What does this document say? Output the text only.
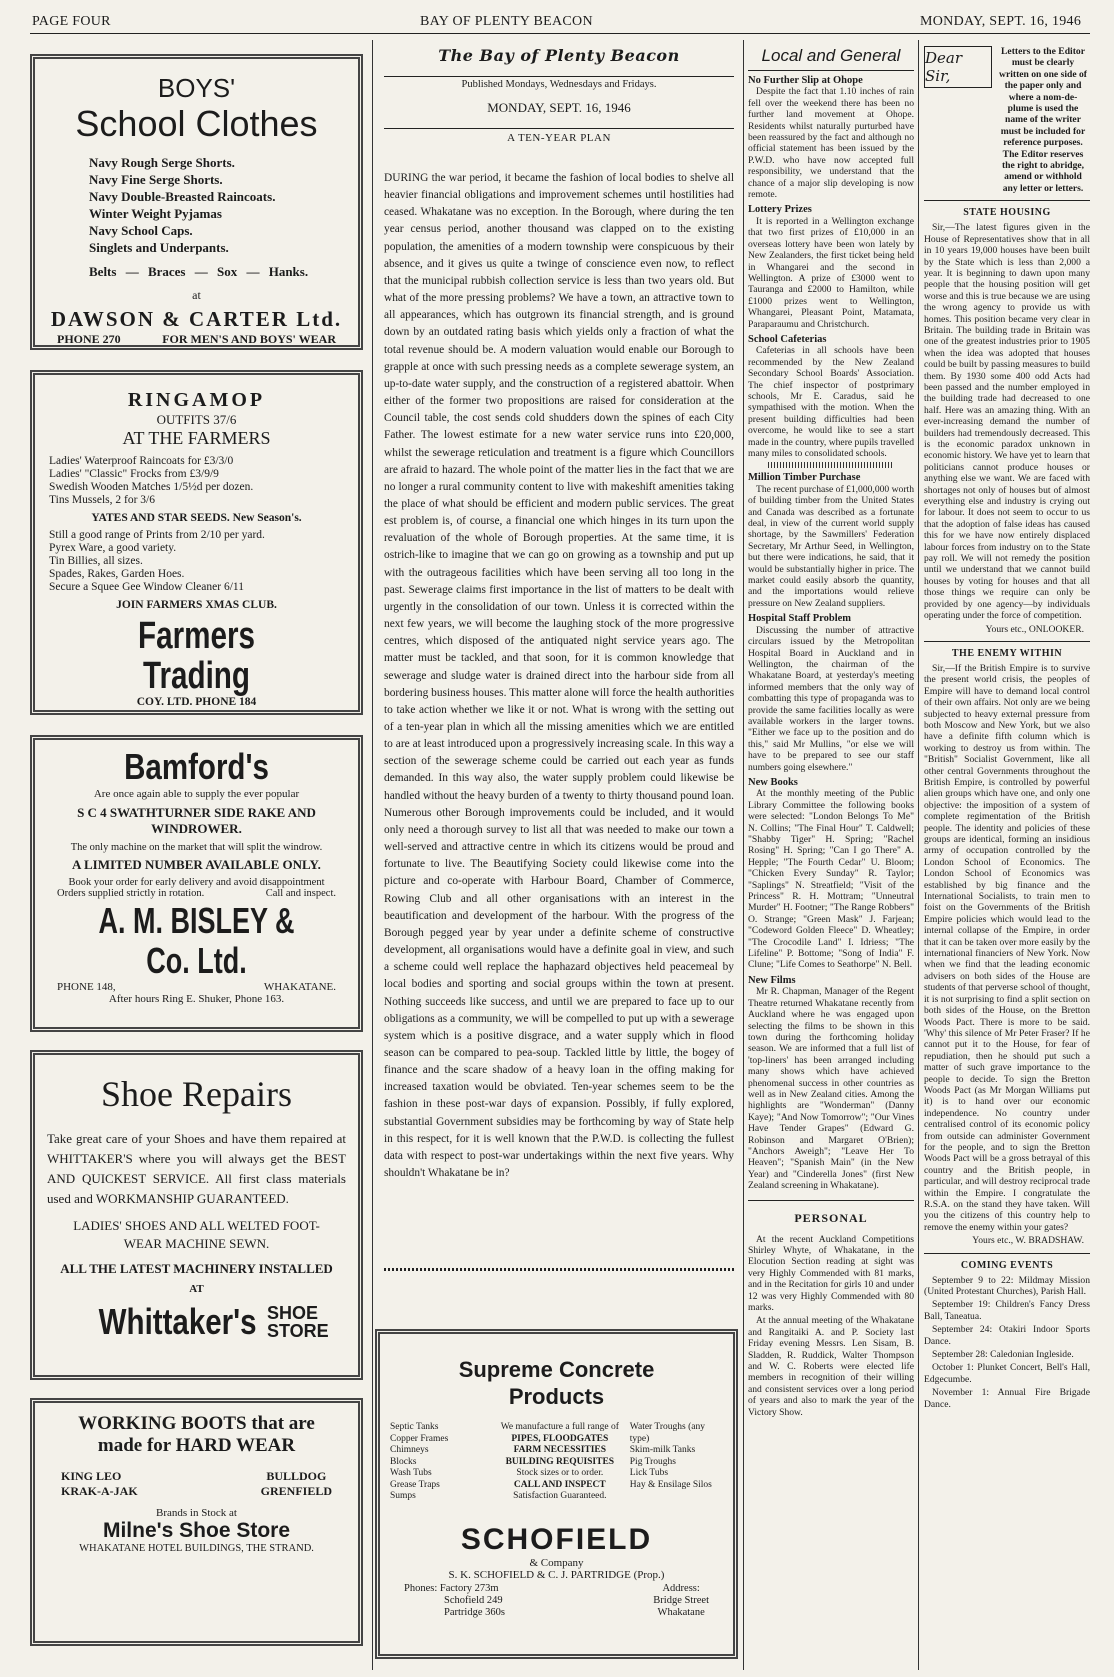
PAGE FOUR	BAY OF PLENTY BEACON	MONDAY, SEPT. 16, 1946
BOYS'
School Clothes
Navy Rough Serge Shorts.
Navy Fine Serge Shorts.
Navy Double-Breasted Raincoats.
Winter Weight Pyjamas
Navy School Caps.
Singlets and Underpants.
Belts — Braces — Sox — Hanks.
at
DAWSON & CARTER Ltd.
PHONE 270	FOR MEN'S AND BOYS' WEAR
RINGAMOP
OUTFITS 37/6
AT THE FARMERS
Ladies' Waterproof Raincoats for £3/3/0
Ladies' "Classic" Frocks from £3/9/9
Swedish Wooden Matches 1/5½d per dozen.
Tins Mussels, 2 for 3/6
YATES AND STAR SEEDS. New Season's.
Still a good range of Prints from 2/10 per yard.
Pyrex Ware, a good variety.
Tin Billies, all sizes.
Spades, Rakes, Garden Hoes.
Secure a Squee Gee Window Cleaner 6/11
JOIN FARMERS XMAS CLUB.
Farmers Trading
COY. LTD. PHONE 184
Bamford's
Are once again able to supply the ever popular
S C 4 SWATHTURNER SIDE RAKE AND WINDROWER.
The only machine on the market that will split the windrow.
A LIMITED NUMBER AVAILABLE ONLY.
Book your order for early delivery and avoid disappointment
Orders supplied strictly in rotation.	Call and inspect.
A. M. BISLEY & Co. Ltd.
PHONE 148,	WHAKATANE.
After hours Ring E. Shuker, Phone 163.
Shoe Repairs
Take great care of your Shoes and have them repaired at WHITTAKER'S where you will always get the BEST AND QUICKEST SERVICE. All first class materials used and WORKMANSHIP GUARANTEED.
LADIES' SHOES AND ALL WELTED FOOT-WEAR MACHINE SEWN.
ALL THE LATEST MACHINERY INSTALLED
AT
Whittaker's SHOE
STORE
WORKING BOOTS that are made for HARD WEAR
KING LEO
KRAK-A-JAK
BULLDOG
GRENFIELD
Brands in Stock at
Milne's Shoe Store
WHAKATANE HOTEL BUILDINGS, THE STRAND.
The Bay of Plenty Beacon
Published Mondays, Wednesdays and Fridays.
MONDAY, SEPT. 16, 1946
A TEN-YEAR PLAN
DURING the war period, it became the fashion of local bodies to shelve all heavier financial obligations and improvement schemes until hostilities had ceased. Whakatane was no exception. In the Borough, where during the ten year census period, another thousand was clapped on to the existing population, the amenities of a modern township were conspicuous by their absence, and it gives us quite a twinge of conscience even now, to reflect that the municipal rubbish collection service is less than two years old. But what of the more pressing problems? We have a town, an attractive town to all appearances, which has outgrown its financial strength, and is ground down by an outdated rating basis which yields only a fraction of what the total revenue should be. A modern valuation would enable our Borough to grapple at once with such pressing needs as a complete sewerage system, an up-to-date water supply, and the construction of a registered abattoir. When either of the former two propositions are raised for consideration at the Council table, the cost sends cold shudders down the spines of each City Father. The lowest estimate for a new water service runs into £20,000, whilst the sewerage reticulation and treatment is a figure which Councillors are afraid to hazard. The whole point of the matter lies in the fact that we are no longer a rural community content to live with makeshift amenities taking the place of what should be efficient and modern public services. The great est problem is, of course, a financial one which hinges in its turn upon the revaluation of the whole of Borough properties. At the same time, it is ostrich-like to imagine that we can go on growing as a township and put up with the outrageous facilities which have been serving all too long in the past. Sewerage claims first importance in the list of matters to be dealt with urgently in the consolidation of our town. Unless it is corrected within the next few years, we will become the laughing stock of the more progressive centres, which disposed of the antiquated night service years ago. The matter must be tackled, and that soon, for it is common knowledge that sewerage and sludge water is drained direct into the harbour side from all bordering business houses. This matter alone will force the health authorities to take action whether we like it or not. What is wrong with the setting out of a ten-year plan in which all the missing amenities which we are entitled to are at least introduced upon a progressively increasing scale. In this way a section of the sewerage scheme could be carried out each year as funds demanded. In this way also, the water supply problem could likewise be handled without the heavy burden of a twenty to thirty thousand pound loan. Numerous other Borough improvements could be included, and it would only need a thorough survey to list all that was needed to make our town a well-served and attractive centre in which its citizens would be proud and fortunate to live. The Beautifying Society could likewise come into the picture and co-operate with Harbour Board, Chamber of Commerce, Rowing Club and all other organisations with an interest in the beautification and development of the harbour. With the progress of the Borough pegged year by year under a definite scheme of constructive development, all organisations would have a definite goal in view, and such a scheme could well replace the haphazard objectives held peacemeal by local bodies and sporting and social groups within the town at present. Nothing succeeds like success, and until we are prepared to face up to our obligations as a community, we will be compelled to put up with a sewerage system which is a positive disgrace, and a water supply which in flood season can be compared to pea-soup. Tackled little by little, the bogey of finance and the scare shadow of a heavy loan in the offing making for increased taxation would be obviated. Ten-year schemes seem to be the fashion in these post-war days of expansion. Possibly, if fully explored, substantial Government subsidies may be forthcoming by way of State help in this respect, for it is well known that the P.W.D. is collecting the fullest data with respect to post-war undertakings within the next five years. Why shouldn't Whakatane be in?
Supreme Concrete Products
Septic Tanks
Copper Frames
Chimneys
Blocks
Wash Tubs
Grease Traps
Sumps
We manufacture a full range of
PIPES, FLOODGATES
FARM NECESSITIES
BUILDING REQUISITES
Stock sizes or to order.
CALL AND INSPECT
Satisfaction Guaranteed.
Water Troughs (any type)
Skim-milk Tanks
Pig Troughs
Lick Tubs
Hay & Ensilage Silos
SCHOFIELD
& Company
S. K. SCHOFIELD & C. J. PARTRIDGE (Prop.)
Phones: Factory 273m
Schofield 249
Partridge 360s
Address:
Bridge Street
Whakatane
Local and General
No Further Slip at Ohope

Despite the fact that 1.10 inches of rain fell over the weekend there has been no further land movement at Ohope. Residents whilst naturally purturbed have been reassured by the fact and although no official statement has been issued by the P.W.D. who have now accepted full responsibility, we understand that the chance of a major slip developing is now remote.

Lottery Prizes

It is reported in a Wellington exchange that two first prizes of £10,000 in an overseas lottery have been won lately by New Zealanders, the first ticket being held in Whangarei and the second in Wellington. A prize of £3000 went to Tauranga and £2000 to Hamilton, while £1000 prizes went to Wellington, Whangarei, Pleasant Point, Matamata, Paraparaumu and Christchurch.

School Cafeterias

Cafeterias in all schools have been recommended by the New Zealand Secondary School Boards' Association. The chief inspector of postprimary schools, Mr E. Caradus, said he sympathised with the motion. When the present building difficulties had been overcome, he would like to see a start made in the country, where pupils travelled many miles to consolidated schools.

Million Timber Purchase

The recent purchase of £1,000,000 worth of building timber from the United States and Canada was described as a fortunate deal, in view of the current world supply shortage, by the Sawmillers' Federation Secretary, Mr Arthur Seed, in Wellington, but there were indications, he said, that it would be substantially higher in price. The market could easily absorb the quantity, and the importations would relieve pressure on New Zealand suppliers.

Hospital Staff Problem

Discussing the number of attractive circulars issued by the Metropolitan Hospital Board in Auckland and in Wellington, the chairman of the Whakatane Board, at yesterday's meeting informed members that the only way of combatting this type of propaganda was to provide the same facilities locally as were available workers in the larger towns. "Either we face up to the position and do this," said Mr Mullins, "or else we will have to be prepared to see our staff numbers going elsewhere."

New Books

At the monthly meeting of the Public Library Committee the following books were selected: "London Belongs To Me" N. Collins; "The Final Hour" T. Caldwell; "Shabby Tiger" H. Spring; "Rachel Rosing" H. Spring; "Can I go There" A. Hepple; "The Fourth Cedar" U. Bloom; "Chicken Every Sunday" R. Taylor; "Saplings" N. Streatfield; "Visit of the Princess" R. H. Mottram; "Unneutral Murder" H. Footner; "The Range Robbers" O. Strange; "Green Mask" J. Farjean; "Codeword Golden Fleece" D. Wheatley; "The Crocodile Land" I. Idriess; "The Lifeline" P. Bottome; "Song of India" F. Clune; "Life Comes to Seathorpe" N. Bell.

New Films

Mr R. Chapman, Manager of the Regent Theatre returned Whakatane recently from Auckland where he was engaged upon selecting the films to be shown in this town during the forthcoming holiday season. We are informed that a full list of 'top-liners' has been arranged including many shows which have achieved phenomenal success in other countries as well as in New Zealand cities. Among the highlights are "Wonderman" (Danny Kaye); "And Now Tomorrow"; "Our Vines Have Tender Grapes" (Edward G. Robinson and Margaret O'Brien); "Anchors Aweigh"; "Leave Her To Heaven"; "Spanish Main" (in the New Year) and "Cinderella Jones" (first New Zealand screening in Whakatane).

PERSONAL

At the recent Auckland Competitions Shirley Whyte, of Whakatane, in the Elocution Section reading at sight was very Highly Commended with 81 marks, and in the Recitation for girls 10 and under 12 was very Highly Commended with 80 marks.

At the annual meeting of the Whakatane and Rangitaiki A. and P. Society last Friday evening Messrs. Len Sisam, B. Sladden, R. Ruddick, Walter Thompson and W. C. Roberts were elected life members in recognition of their willing and consistent services over a long period of years and also to mark the year of the Victory Show.

Dear Sir,
Letters to the Editor must be clearly written on one side of the paper only and where a nom-de-plume is used the name of the writer must be included for reference purposes. The Editor reserves the right to abridge, amend or withhold any letter or letters.
STATE HOUSING

Sir,—The latest figures given in the House of Representatives show that in all in 10 years 19,000 houses have been built by the State which is less than 2,000 a year. It is beginning to dawn upon many people that the housing position will get worse and this is true because we are using the wrong agency to provide us with homes. This position became very clear in Britain. The building trade in Britain was one of the greatest industries prior to 1905 when the idea was adopted that houses could be built by passing measures to build them. By 1930 some 400 odd Acts had been passed and the number employed in the building trade had decreased to one half. Here was an amazing thing. With an ever-increasing demand the number of builders had tremendously decreased. This is the economic paradox unknown in economic history. We have yet to learn that politicians cannot produce houses or anything else we want. We are faced with shortages not only of houses but of almost everything else and industry is crying out for labour. It does not seem to occur to us that the adoption of false ideas has caused this for we have now entirely displaced labour forces from industry on to the State pay roll. We will not remedy the position until we understand that we cannot build houses by voting for houses and that all those things we require can only be provided by one agency—by individuals operating under the force of competition.

Yours etc., ONLOOKER.
THE ENEMY WITHIN

Sir,—If the British Empire is to survive the present world crisis, the peoples of Empire will have to demand local control of their own affairs. Not only are we being subjected to heavy external pressure from both Moscow and New York, but we also have a definite fifth column which is working to destroy us from within. The "British" Socialist Government, like all other central Governments throughout the British Empire, is controlled by powerful alien groups which have one, and only one objective: the imposition of a system of complete regimentation of the British people. The identity and policies of these groups are identical, forming an insidious army of occupation controlled by the London School of Economics. The London School of Economics was established by big finance and the International Socialists, to train men to foist on the Governments of the British Empire policies which would lead to the internal collapse of the Empire, in order that it can be taken over more easily by the international financiers of New York. Now when we find that the leading economic advisers on both sides of the House are students of that perverse school of thought, it is not surprising to find a split section on both sides of the House, on the Bretton Woods Pact. There is more to be said. 'Why' this silence of Mr Peter Fraser? If he cannot put it to the House, for fear of repudiation, then he should put such a matter of such grave importance to the people to decide. To sign the Bretton Woods Pact (as Mr Morgan Williams put it) is to hand over our economic independence. No country under centralised control of its economic policy from outside can administer Government for the people, and to sign the Bretton Woods Pact will be a gross betrayal of this country and the British people, in particular, and will destroy reciprocal trade within the Empire. I congratulate the R.S.A. on the stand they have taken. Will you the citizens of this country help to remove the enemy within your gates?

Yours etc., W. BRADSHAW.
COMING EVENTS

September 9 to 22: Mildmay Mission (United Protestant Churches), Parish Hall.

September 19: Children's Fancy Dress Ball, Taneatua.

September 24: Otakiri Indoor Sports Dance.

September 28: Caledonian Ingleside.

October 1: Plunket Concert, Bell's Hall, Edgecumbe.

November 1: Annual Fire Brigade Dance.
